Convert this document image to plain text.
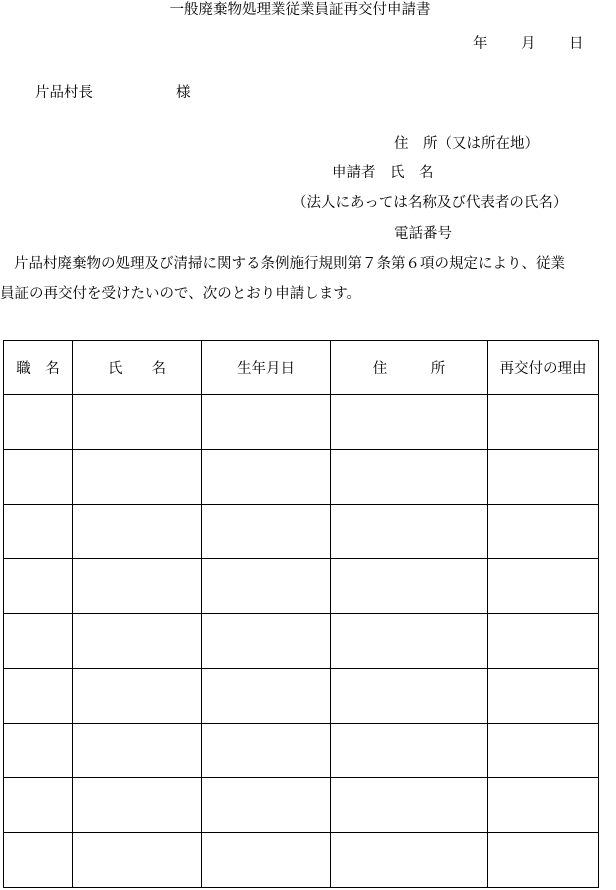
一般廃棄物処理業従業員証再交付申請書
年 月 日
片品村長	様
住　所（又は所在地）
申請者　氏　名
（法人にあっては名称及び代表者の氏名）
電話番号
片品村廃棄物の処理及び清掃に関する条例施行規則第７条第６項の規定により、従業
員証の再交付を受けたいので、次のとおり申請します。
職　名	氏　　名	生年月日	住　　　所	再交付の理由
